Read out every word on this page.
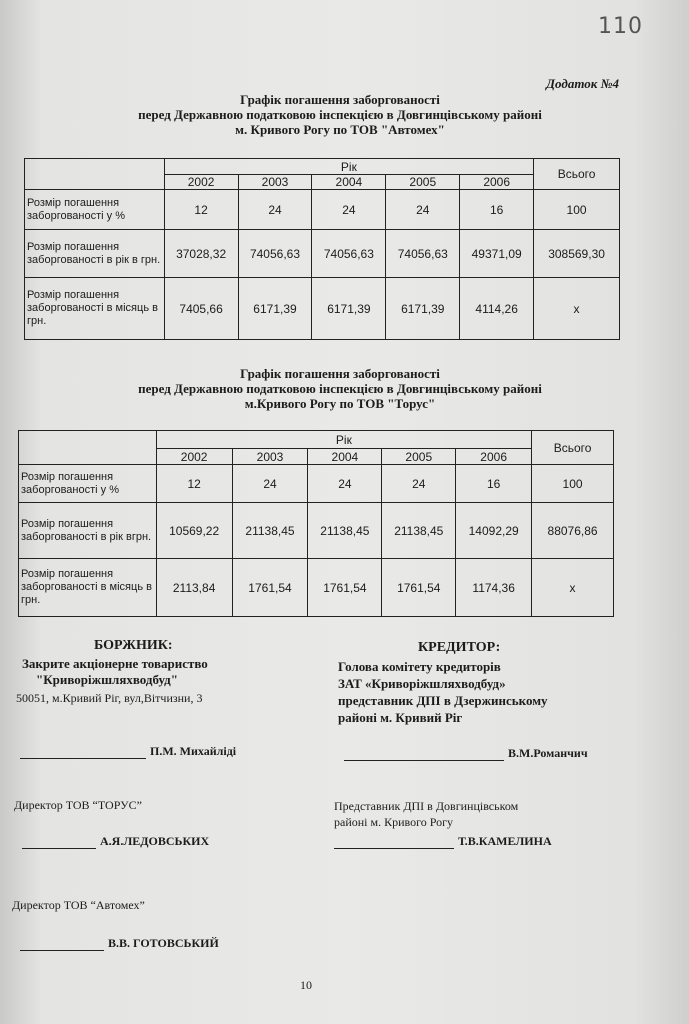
110
Додаток №4
Графік погашення заборгованості
перед Державною податковою інспекцією в Довгинцівському районі
м. Кривого Рогу по ТОВ "Автомех"
	Рік					Всього
	2002	2003	2004	2005	2006	
Розмір погашення заборгованості у %	12	24	24	24	16	100
Розмір погашення заборгованості в рік в грн.	37028,32	74056,63	74056,63	74056,63	49371,09	308569,30
Розмір погашення заборгованості в місяць в грн.	7405,66	6171,39	6171,39	6171,39	4114,26	x
Графік погашення заборгованості
перед Державною податковою інспекцією в Довгинцівському районі
м.Кривого Рогу по ТОВ "Торус"
	Рік					Всього
	2002	2003	2004	2005	2006	
Розмір погашення заборгованості у %	12	24	24	24	16	100
Розмір погашення заборгованості в рік вгрн.	10569,22	21138,45	21138,45	21138,45	14092,29	88076,86
Розмір погашення заборгованості в місяць в грн.	2113,84	1761,54	1761,54	1761,54	1174,36	x
БОРЖНИК:
Закрите акціонерне товариство
"Криворіжшляхводбуд"
50051, м.Кривий Ріг, вул,Вітчизни, 3
П.М. Михайліді
КРЕДИТОР:
Голова комітету кредиторів
ЗАТ «Криворіжшляхводбуд»
представник ДПІ в Дзержинському
районі м. Кривий Ріг
В.М.Романчич
Директор ТОВ “ТОРУС”
А.Я.ЛЕДОВСЬКИХ
Представник ДПІ в Довгинцівськом
районі м. Кривого Рогу
Т.В.КАМЕЛИНА
Директор ТОВ “Автомех”
В.В. ГОТОВСЬКИЙ
10
